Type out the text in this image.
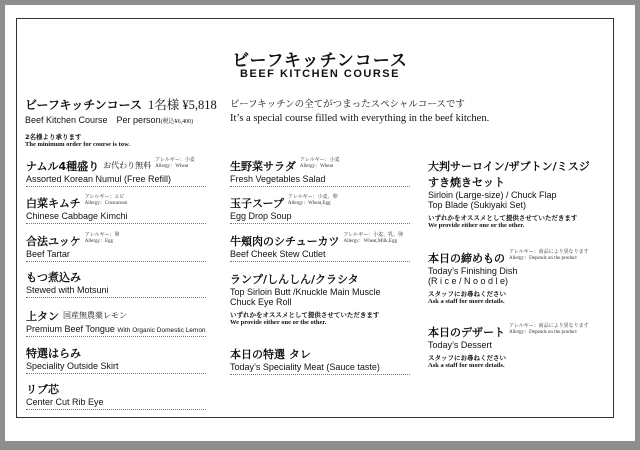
ビーフキッチンコース
BEEF KITCHEN COURSE
ビーフキッチンコース 1名様 ¥5,818
Beef Kitchen Course　Per person(税込¥6,400)
2名様より承ります
The minimum order for course is tow.
ビーフキッチンの全てがつまったスペシャルコースです
It’s a special course filled with everything in the beef kitchen.
ナムル4種盛り お代わり無料
アレルギー：小麦
Allergy：Wheat
Assorted Korean Numul (Free Refill)
白菜キムチ アレルギー：エビ
Allergy：Crustacean
Chinese Cabbage Kimchi
合法ユッケ アレルギー：卵
Allergy：Egg
Beef Tartar
もつ煮込み
Stewed with Motsuni
上タン 国産無農薬レモン
Premium Beef Tongue With Organic Domestic Lemon
特選はらみ
Speciality Outside Skirt
リブ芯
Center Cut Rib Eye
生野菜サラダ アレルギー：小麦
Allergy：Wheat
Fresh Vegetables Salad
玉子スープ アレルギー：小麦、卵
Allergy：Wheat,Egg
Egg Drop Soup
牛頬肉のシチューカツ アレルギー：小麦、乳、卵
Allergy：Wheat,Milk,Egg
Beef Cheek Stew Cutlet
ランプ/しんしん/クラシタ
Top Sirloin Butt /Knuckle Main Muscle
Chuck Eye Roll
いずれかをオススメとして提供させていただきます
We provide either one or the other.
本日の特選 タレ
Today’s Speciality Meat (Sauce taste)
大判サーロイン/ザブトン/ミスジ
すき焼きセット
Sirloin (Large-size) / Chuck Flap
Top Blade (Sukiyaki Set)
いずれかをオススメとして提供させていただきます
We provide either one or the other.
本日の締めもの アレルギー：商品により異なります
Allergy：Depends on the product
Today’s Finishing Dish
(R i c e / N o o d l e)
スタッフにお尋ねください
Ask a staff for more details.
本日のデザート アレルギー：商品により異なります
Allergy：Depends on the product
Today’s Dessert
スタッフにお尋ねください
Ask a staff for more details.
